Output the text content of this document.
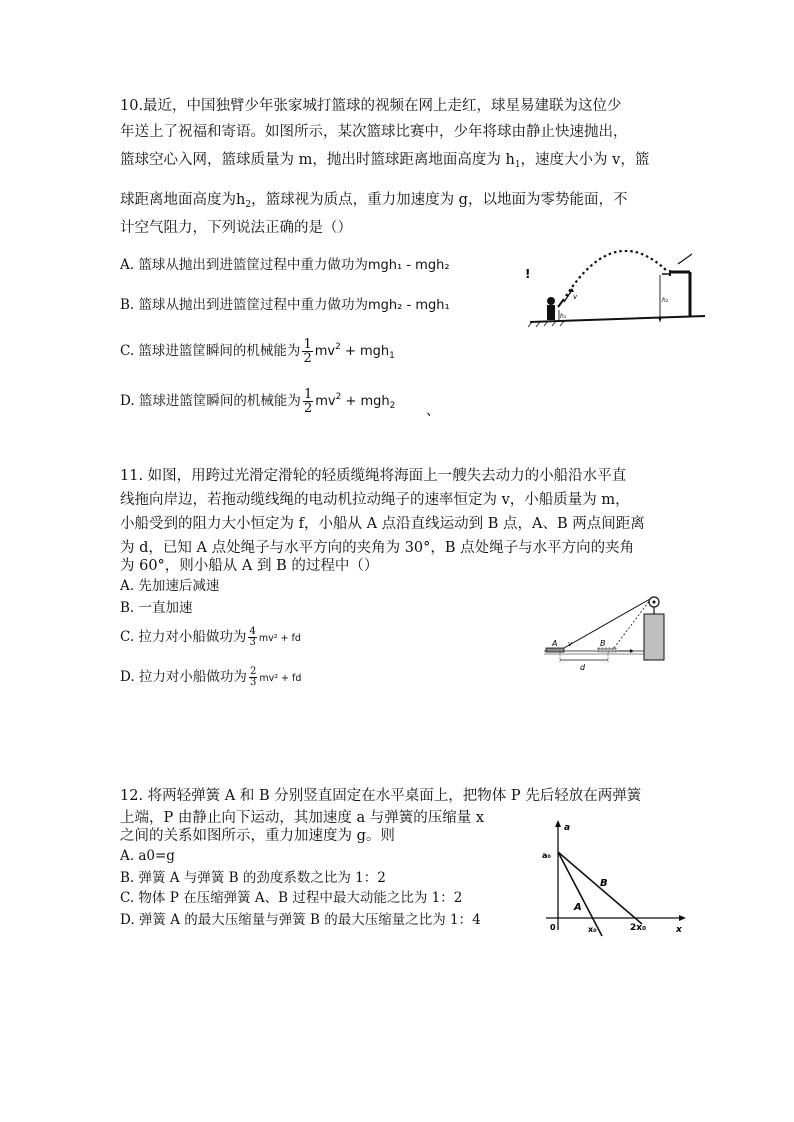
10.最近，中国独臂少年张家城打篮球的视频在网上走红，球星易建联为这位少
年送上了祝福和寄语。如图所示，某次篮球比赛中，少年将球由静止快速抛出，
篮球空心入网，篮球质量为 m，抛出时篮球距离地面高度为 $h_1$，速度大小为 v，篮
球距离地面高度为$h_2$，篮球视为质点，重力加速度为 g，以地面为零势能面，不
计空气阻力，下列说法正确的是（）
A. 篮球从抛出到进篮筐过程中重力做功为mgh₁ - mgh₂
B. 篮球从抛出到进篮筐过程中重力做功为mgh₂ - mgh₁
C. 篮球进篮筐瞬间的机械能为 $\frac{1}{2} mv^2 + mgh_1$
D. 篮球进篮筐瞬间的机械能为 $\frac{1}{2} mv^2 + mgh_2$ 、
!
h₁
v	h₂
11. 如图，用跨过光滑定滑轮的轻质缆绳将海面上一艘失去动力的小船沿水平直
线拖向岸边，若拖动缆线绳的电动机拉动绳子的速率恒定为 v，小船质量为 m，
小船受到的阻力大小恒定为 f，小船从 A 点沿直线运动到 B 点，A、B 两点间距离
为 d，已知 A 点处绳子与水平方向的夹角为 30°，B 点处绳子与水平方向的夹角
为 60°，则小船从 A 到 B 的过程中（）
A. 先加速后减速
B. 一直加速
C. 拉力对小船做功为 $\frac{4}{3} mv^2$ + fd
D. 拉力对小船做功为 $\frac{2}{3} mv^2$ + fd
A	B
v
d
12. 将两轻弹簧 A 和 B 分别竖直固定在水平桌面上，把物体 P 先后轻放在两弹簧
上端，P 由静止向下运动，其加速度 a 与弹簧的压缩量 x
之间的关系如图所示，重力加速度为 g。则
A. a0=g
B. 弹簧 A 与弹簧 B 的劲度系数之比为 1：2
C. 物体 P 在压缩弹簧 A、B 过程中最大动能之比为 1：2
D. 弹簧 A 的最大压缩量与弹簧 B 的最大压缩量之比为 1：4
a
a₀
B
A
0	x₀	2x₀	x
